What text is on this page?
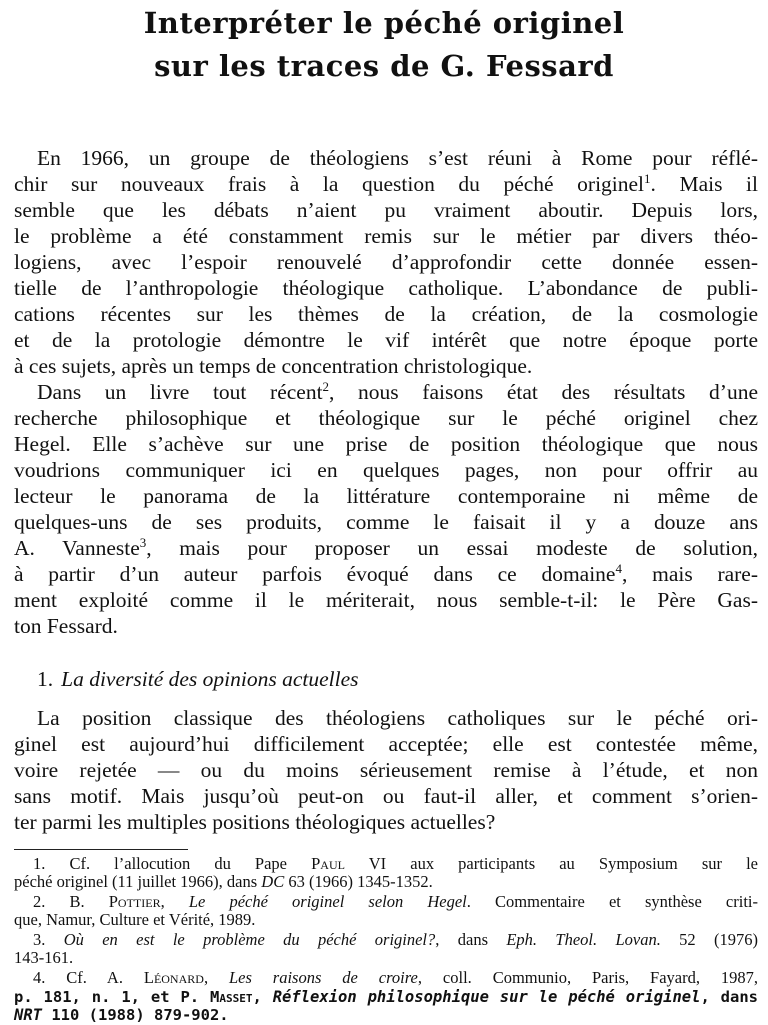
Interpréter le péché originel
sur les traces de G. Fessard
En 1966, un groupe de théologiens s’est réuni à Rome pour réflé-
chir sur nouveaux frais à la question du péché originel$^1$. Mais il
semble que les débats n’aient pu vraiment aboutir. Depuis lors,
le problème a été constamment remis sur le métier par divers théo-
logiens, avec l’espoir renouvelé d’approfondir cette donnée essen-
tielle de l’anthropologie théologique catholique. L’abondance de publi-
cations récentes sur les thèmes de la création, de la cosmologie
et de la protologie démontre le vif intérêt que notre époque porte
à ces sujets, après un temps de concentration christologique.
Dans un livre tout récent$^2$, nous faisons état des résultats d’une
recherche philosophique et théologique sur le péché originel chez
Hegel. Elle s’achève sur une prise de position théologique que nous
voudrions communiquer ici en quelques pages, non pour offrir au
lecteur le panorama de la littérature contemporaine ni même de
quelques-uns de ses produits, comme le faisait il y a douze ans
A. Vanneste$^3$, mais pour proposer un essai modeste de solution,
à partir d’un auteur parfois évoqué dans ce domaine$^4$, mais rare-
ment exploité comme il le mériterait, nous semble-t-il: le Père Gas-
ton Fessard.
1. La diversité des opinions actuelles
La position classique des théologiens catholiques sur le péché ori-
ginel est aujourd’hui difficilement acceptée; elle est contestée même,
voire rejetée — ou du moins sérieusement remise à l’étude, et non
sans motif. Mais jusqu’où peut-on ou faut-il aller, et comment s’orien-
ter parmi les multiples positions théologiques actuelles?
1. Cf. l’allocution du Pape Paul VI aux participants au Symposium sur le
péché originel (11 juillet 1966), dans DC 63 (1966) 1345-1352.
2. B. Pottier, Le péché originel selon Hegel. Commentaire et synthèse criti-
que, Namur, Culture et Vérité, 1989.
3. Où en est le problème du péché originel?, dans Eph. Theol. Lovan. 52 (1976)
143-161.
4. Cf. A. Léonard, Les raisons de croire, coll. Communio, Paris, Fayard, 1987,
p. 181, n. 1, et P. Masset, Réflexion philosophique sur le péché originel, dans
NRT 110 (1988) 879-902.
